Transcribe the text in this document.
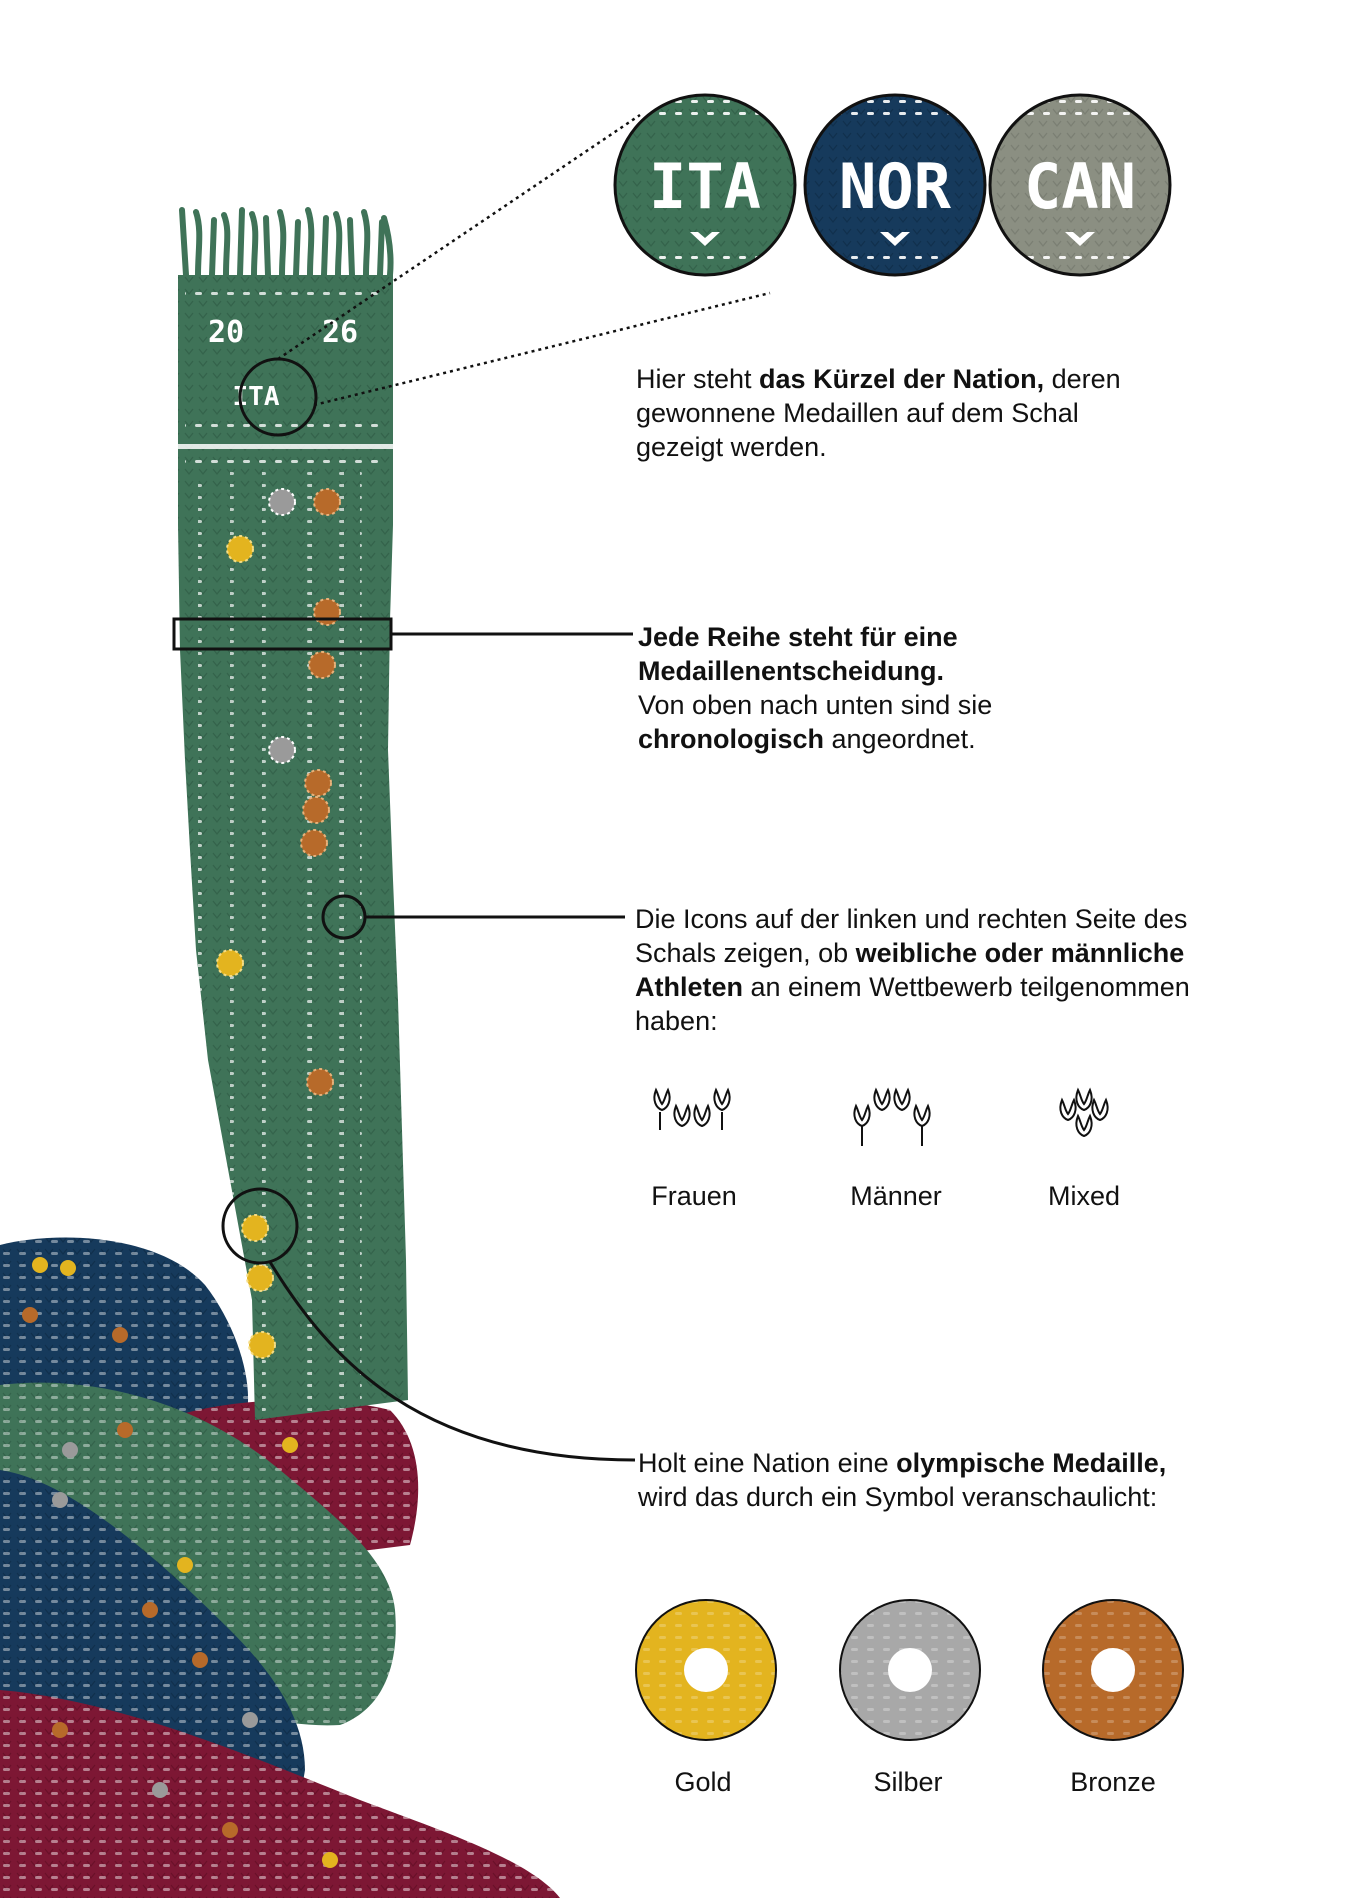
20	26
ITA
ITA NOR CAN
Hier steht das Kürzel der Nation, deren
gewonnene Medaillen auf dem Schal
gezeigt werden.
Jede Reihe steht für eine
Medaillenentscheidung.
Von oben nach unten sind sie
chronologisch angeordnet.
Die Icons auf der linken und rechten Seite des
Schals zeigen, ob weibliche oder männliche
Athleten an einem Wettbewerb teilgenommen
haben:
Holt eine Nation eine olympische Medaille,
wird das durch ein Symbol veranschaulicht:
Frauen	Männer	Mixed
Gold	Silber	Bronze
